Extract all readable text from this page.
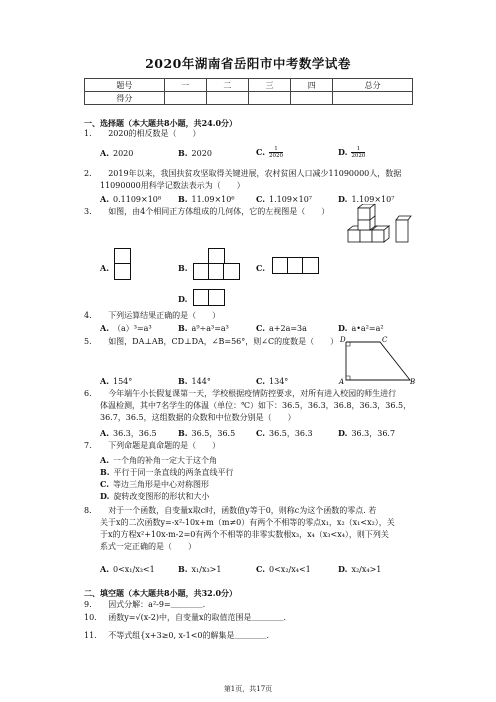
2020年湖南省岳阳市中考数学试卷
题号	一	二	三	四	总分
得分					
一、选择题（本大题共8小题，共24.0分）
1. 2020的相反数是（　　）
A. 2020	B. 2020	C. $\frac{1}{2020}$	D. $\frac{1}{2020}$
2. 2019年以来，我国扶贫攻坚取得关键进展，农村贫困人口减少11090000人，数据
11090000用科学记数法表示为（　　）
A. 0.1109×10⁸ B. 11.09×10⁶	C. 1.109×10⁷	D. 1.109×10⁷
3. 如图，由4个相同正方体组成的几何体，它的左视图是（　　）
A.	B.	C.
D.
4. 下列运算结果正确的是（　　）
A. （a）³=a³	B. a⁹÷a³=a³	C. a+2a=3a	D. a•a²=a²
5. 如图，DA⊥AB，CD⊥DA，∠B=56°，则∠C的度数是（　　） D	C
A	B
A. 154°	B. 144°	C. 134°
6. 今年端午小长假复课第一天，学校根据疫情防控要求，对所有进入校园的师生进行
体温检测，其中7名学生的体温（单位：℃）如下：36.5，36.3，36.8，36.3，36.5，
36.7，36.5，这组数据的众数和中位数分别是（　　）
A. 36.3，36.5	B. 36.5，36.5	C. 36.5，36.3	D. 36.3，36.7
7. 下列命题是真命题的是（　　）
A. 一个角的补角一定大于这个角
B. 平行于同一条直线的两条直线平行
C. 等边三角形是中心对称图形
D. 旋转改变图形的形状和大小
8. 对于一个函数，自变量x取c时，函数值y等于0，则称c为这个函数的零点. 若
关于x的二次函数y=-x²-10x+m（m≠0）有两个不相等的零点x₁，x₂（x₁<x₂），关
于x的方程x²+10x-m-2=0有两个不相等的非零实数根x₃，x₄（x₃<x₄），则下列关
系式一定正确的是（　　）
A. 0<x₁/x₃<1	B. x₁/x₃>1	C. 0<x₂/x₄<1	D. x₂/x₄>1
二、填空题（本大题共8小题，共32.0分）
9. 因式分解：a²-9=＿＿＿＿.
10. 函数y=√(x-2)中，自变量x的取值范围是＿＿＿＿.
11. 不等式组{x+3≥0, x-1<0的解集是＿＿＿＿.
第1页，共17页
